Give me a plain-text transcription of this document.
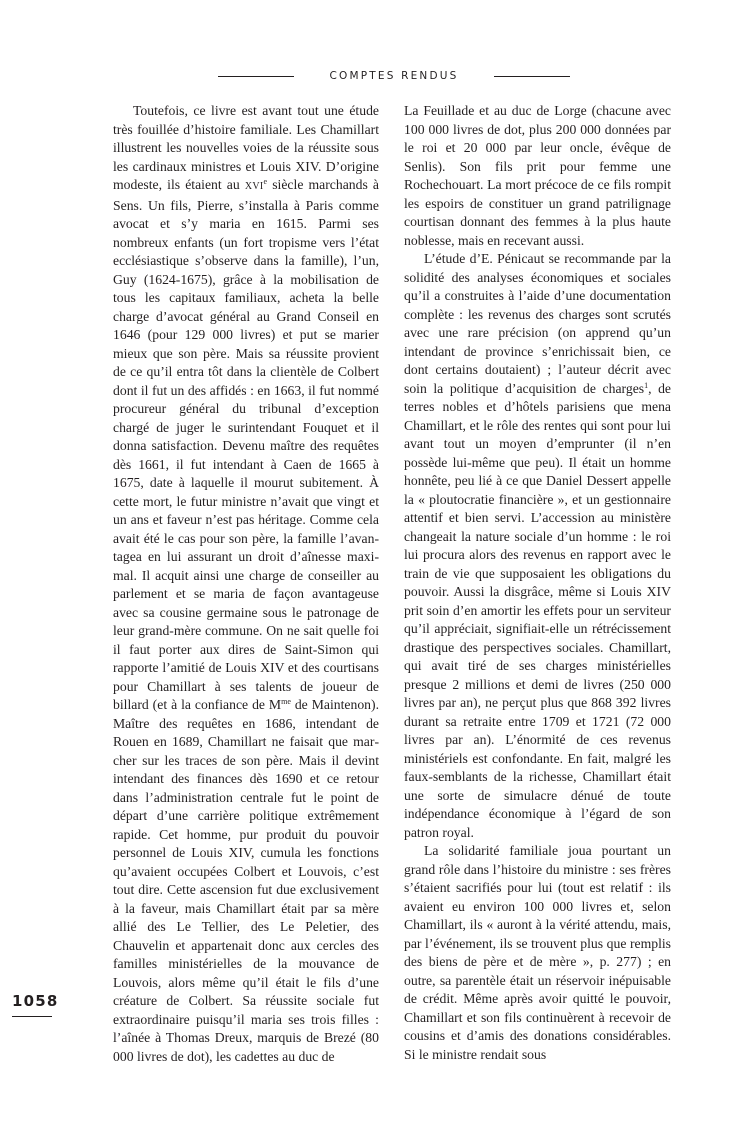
COMPTES RENDUS

Toutefois, ce livre est avant tout une étude très fouillée d’histoire familiale. Les Chamillart illustrent les nouvelles voies de la réussite sous les cardinaux ministres et Louis XIV. D’origine modeste, ils étaient au XVIe siècle marchands à Sens. Un fils, Pierre, s’installa à Paris comme avocat et s’y maria en 1615. Parmi ses nombreux enfants (un fort tropisme vers l’état ecclésiastique s’observe dans la famille), l’un, Guy (1624-1675), grâce à la mobilisation de tous les capitaux familiaux, acheta la belle charge d’avocat général au Grand Conseil en 1646 (pour 129 000 livres) et put se marier mieux que son père. Mais sa réussite provient de ce qu’il entra tôt dans la clientèle de Colbert dont il fut un des affidés : en 1663, il fut nommé procureur général du tribunal d’exception chargé de juger le surintendant Fouquet et il donna satisfaction. Devenu maître des requêtes dès 1661, il fut intendant à Caen de 1665 à 1675, date à laquelle il mourut subitement. À cette mort, le futur ministre n’avait que vingt et un ans et faveur n’est pas héritage. Comme cela avait été le cas pour son père, la famille l’avantagea en lui assurant un droit d’aînesse maximal. Il acquit ainsi une charge de conseiller au parlement et se maria de façon avantageuse avec sa cousine germaine sous le patronage de leur grand-mère commune. On ne sait quelle foi il faut porter aux dires de Saint-Simon qui rapporte l’amitié de Louis XIV et des courtisans pour Chamillart à ses talents de joueur de billard (et à la confiance de $M^{me}$ de Maintenon). Maître des requêtes en 1686, intendant de Rouen en 1689, Chamillart ne faisait que marcher sur les traces de son père. Mais il devint intendant des finances dès 1690 et ce retour dans l’administration centrale fut le point de départ d’une carrière politique extrêmement rapide. Cet homme, pur produit du pouvoir personnel de Louis XIV, cumula les fonctions qu’avaient occupées Colbert et Louvois, c’est tout dire. Cette ascension fut due exclusivement à la faveur, mais Chamillart était par sa mère allié des Le Tellier, des Le Peletier, des Chauvelin et appartenait donc aux cercles des familles ministérielles de la mouvance de Louvois, alors même qu’il était le fils d’une créature de Colbert. Sa réussite sociale fut extraordinaire puisqu’il maria ses trois filles : l’aînée à Thomas Dreux, marquis de Brezé (80 000 livres de dot), les cadettes au duc de

La Feuillade et au duc de Lorge (chacune avec 100 000 livres de dot, plus 200 000 données par le roi et 20 000 par leur oncle, évêque de Senlis). Son fils prit pour femme une Rochechouart. La mort précoce de ce fils rompit les espoirs de constituer un grand patrilignage courtisan donnant des femmes à la plus haute noblesse, mais en recevant aussi.

L’étude d’E. Pénicaut se recommande par la solidité des analyses économiques et sociales qu’il a construites à l’aide d’une documentation complète : les revenus des charges sont scrutés avec une rare précision (on apprend qu’un intendant de province s’enrichissait bien, ce dont certains doutaient) ; l’auteur décrit avec soin la politique d’acquisition de charges$^1$, de terres nobles et d’hôtels parisiens que mena Chamillart, et le rôle des rentes qui sont pour lui avant tout un moyen d’emprunter (il n’en possède lui-même que peu). Il était un homme honnête, peu lié à ce que Daniel Dessert appelle la « ploutocratie financière », et un gestionnaire attentif et bien servi. L’accession au ministère changeait la nature sociale d’un homme : le roi lui procura alors des revenus en rapport avec le train de vie que supposaient les obligations du pouvoir. Aussi la disgrâce, même si Louis XIV prit soin d’en amortir les effets pour un serviteur qu’il appréciait, signifiait-elle un rétrécissement drastique des perspectives sociales. Chamillart, qui avait tiré de ses charges ministérielles presque 2 millions et demi de livres (250 000 livres par an), ne perçut plus que 868 392 livres durant sa retraite entre 1709 et 1721 (72 000 livres par an). L’énormité de ces revenus ministériels est confondante. En fait, malgré les faux-semblants de la richesse, Chamillart était une sorte de simulacre dénué de toute indépendance économique à l’égard de son patron royal.

La solidarité familiale joua pourtant un grand rôle dans l’histoire du ministre : ses frères s’étaient sacrifiés pour lui (tout est relatif : ils avaient eu environ 100 000 livres et, selon Chamillart, ils « auront à la vérité attendu, mais, par l’événement, ils se trouvent plus que remplis des biens de père et de mère », p. 277) ; en outre, sa parentèle était un réservoir inépuisable de crédit. Même après avoir quitté le pouvoir, Chamillart et son fils continuèrent à recevoir de cousins et d’amis des donations considérables. Si le ministre rendait sous

1058
